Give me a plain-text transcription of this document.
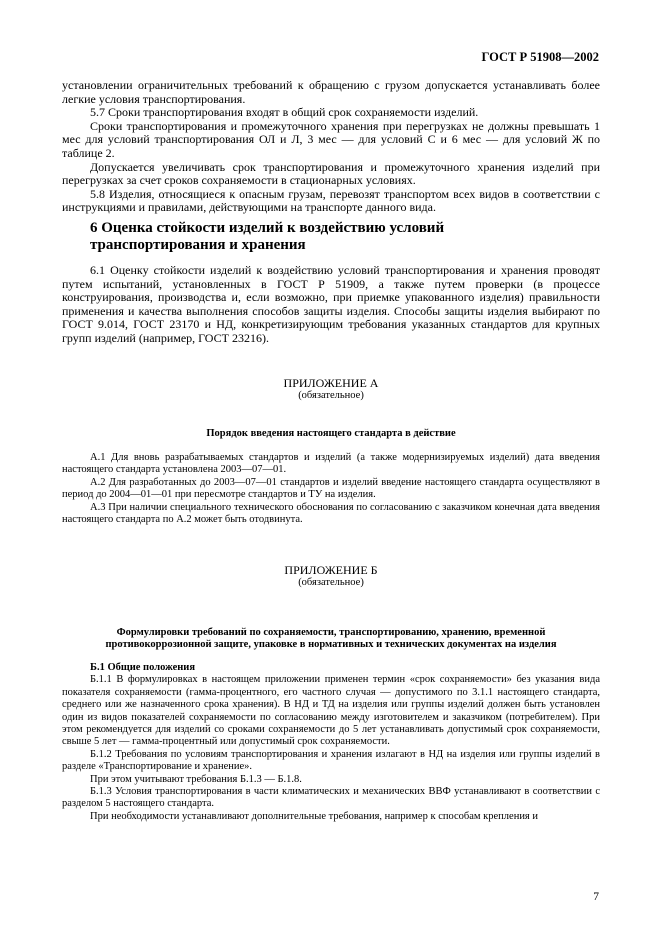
ГОСТ Р 51908—2002

установлении ограничительных требований к обращению с грузом допускается устанавливать более легкие условия транспортирования.

5.7 Сроки транспортирования входят в общий срок сохраняемости изделий.

Сроки транспортирования и промежуточного хранения при перегрузках не должны превышать 1 мес для условий транспортирования ОЛ и Л, 3 мес — для условий С и 6 мес — для условий Ж по таблице 2.

Допускается увеличивать срок транспортирования и промежуточного хранения изделий при перегрузках за счет сроков сохраняемости в стационарных условиях.

5.8 Изделия, относящиеся к опасным грузам, перевозят транспортом всех видов в соответствии с инструкциями и правилами, действующими на транспорте данного вида.

6 Оценка стойкости изделий к воздействию условий транспортирования и хранения

6.1 Оценку стойкости изделий к воздействию условий транспортирования и хранения проводят путем испытаний, установленных в ГОСТ Р 51909, а также путем проверки (в процессе конструирования, производства и, если возможно, при приемке упакованного изделия) правильности применения и качества выполнения способов защиты изделия. Способы защиты изделия выбирают по ГОСТ 9.014, ГОСТ 23170 и НД, конкретизирующим требования указанных стандартов для крупных групп изделий (например, ГОСТ 23216).

ПРИЛОЖЕНИЕ А
(обязательное)
Порядок введения настоящего стандарта в действие

А.1 Для вновь разрабатываемых стандартов и изделий (а также модернизируемых изделий) дата введения настоящего стандарта установлена 2003—07—01.

А.2 Для разработанных до 2003—07—01 стандартов и изделий введение настоящего стандарта осуществляют в период до 2004—01—01 при пересмотре стандартов и ТУ на изделия.

А.3 При наличии специального технического обоснования по согласованию с заказчиком конечная дата введения настоящего стандарта по А.2 может быть отодвинута.

ПРИЛОЖЕНИЕ Б
(обязательное)
Формулировки требований по сохраняемости, транспортированию, хранению, временной противокоррозионной защите, упаковке в нормативных и технических документах на изделия

Б.1 Общие положения

Б.1.1 В формулировках в настоящем приложении применен термин «срок сохраняемости» без указания вида показателя сохраняемости (гамма-процентного, его частного случая — допустимого по 3.1.1 настоящего стандарта, среднего или же назначенного срока хранения). В НД и ТД на изделия или группы изделий должен быть установлен один из видов показателей сохраняемости по согласованию между изготовителем и заказчиком (потребителем). При этом рекомендуется для изделий со сроками сохраняемости до 5 лет устанавливать допустимый срок сохраняемости, свыше 5 лет — гамма-процентный или допустимый срок сохраняемости.

Б.1.2 Требования по условиям транспортирования и хранения излагают в НД на изделия или группы изделий в разделе «Транспортирование и хранение».

При этом учитывают требования Б.1.3 — Б.1.8.

Б.1.3 Условия транспортирования в части климатических и механических ВВФ устанавливают в соответствии с разделом 5 настоящего стандарта.

При необходимости устанавливают дополнительные требования, например к способам крепления и

7
